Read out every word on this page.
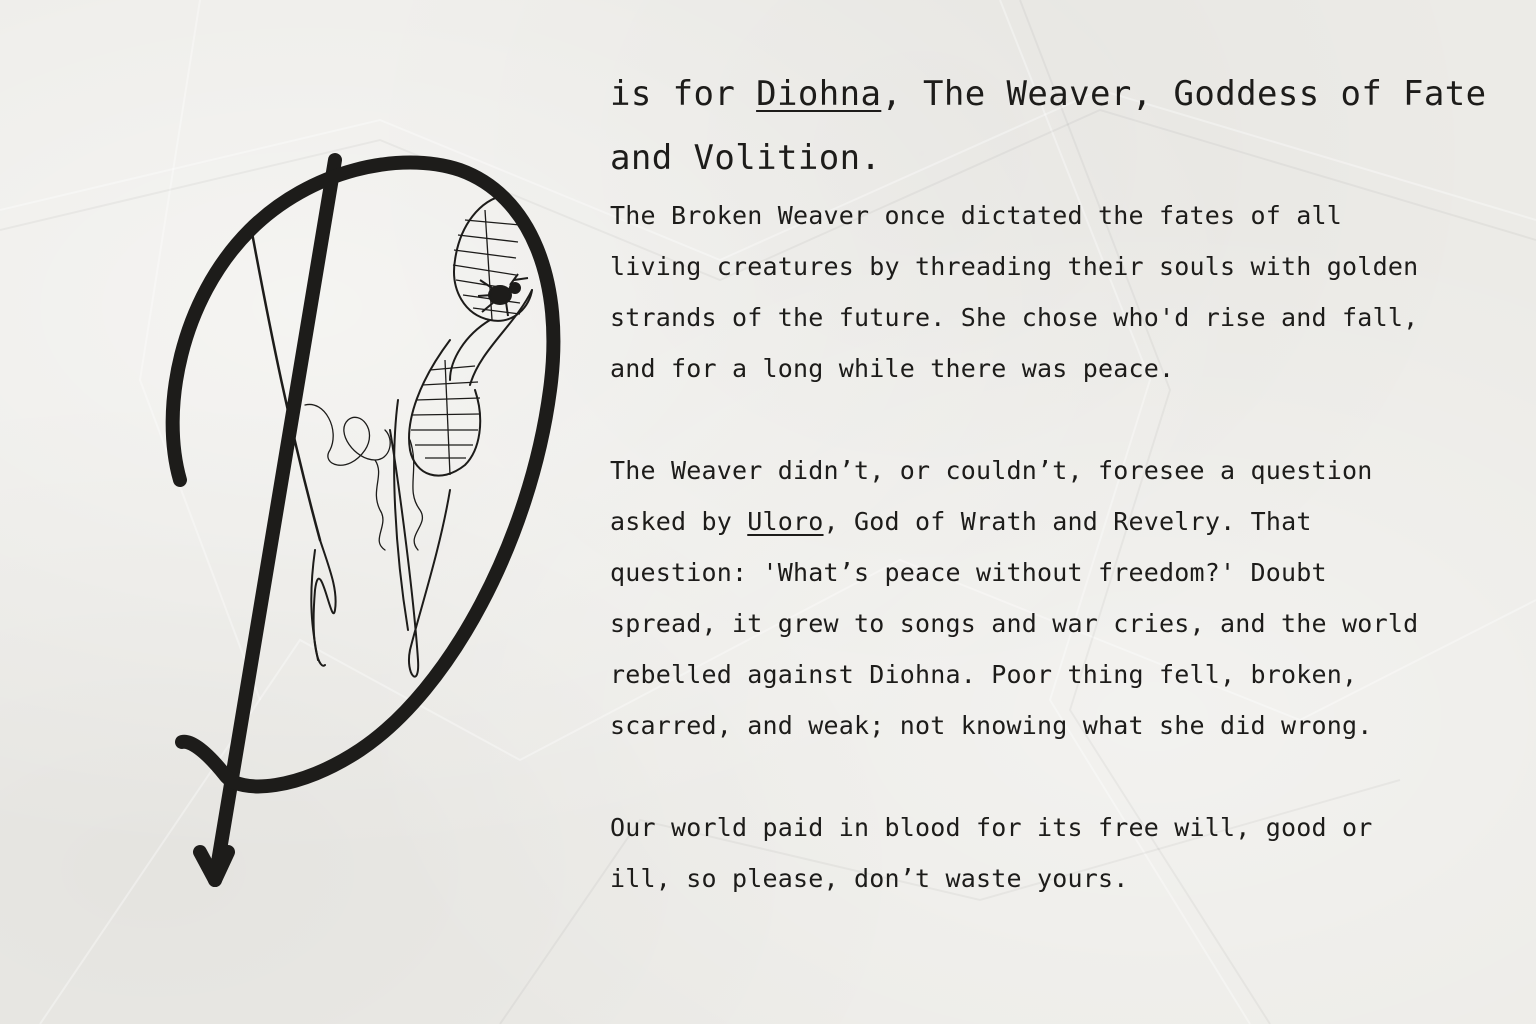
is for Diohna, The Weaver, Goddess of Fate
and Volition.

The Broken Weaver once dictated the fates of all
living creatures by threading their souls with golden
strands of the future. She chose who'd rise and fall,
and for a long while there was peace.

The Weaver didn’t, or couldn’t, foresee a question
asked by Uloro, God of Wrath and Revelry. That
question: 'What’s peace without freedom?' Doubt
spread, it grew to songs and war cries, and the world
rebelled against Diohna. Poor thing fell, broken,
scarred, and weak; not knowing what she did wrong.

Our world paid in blood for its free will, good or
ill, so please, don’t waste yours.
